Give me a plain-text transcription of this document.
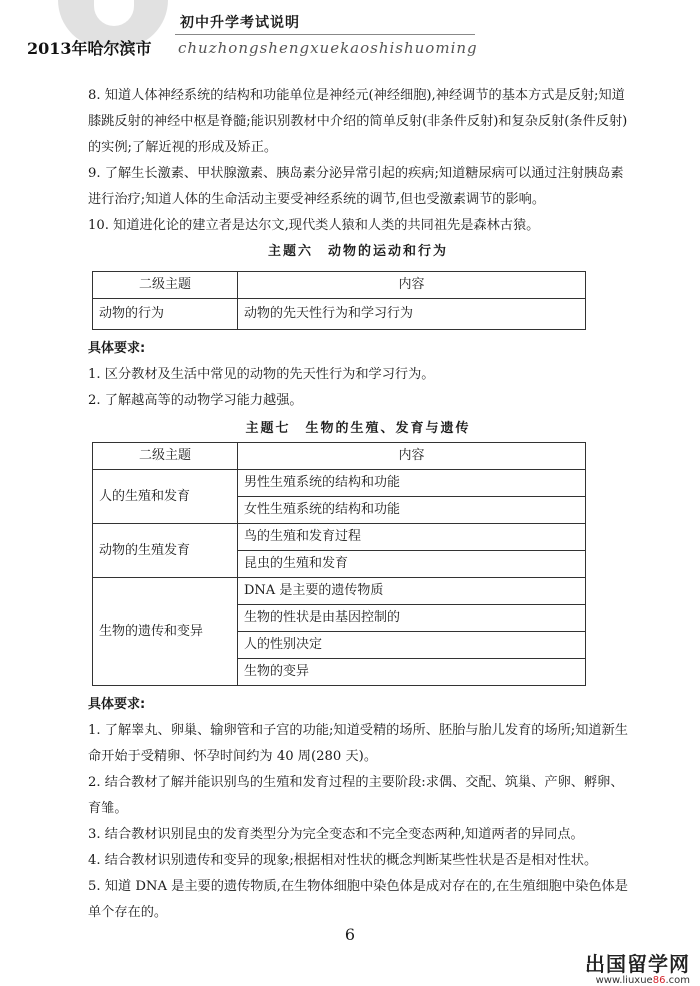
2013年哈尔滨市
初中升学考试说明
chuzhongshengxuekaoshishuoming

8. 知道人体神经系统的结构和功能单位是神经元(神经细胞),神经调节的基本方式是反射;知道膝跳反射的神经中枢是脊髓;能识别教材中介绍的简单反射(非条件反射)和复杂反射(条件反射)的实例;了解近视的形成及矫正。

9. 了解生长激素、甲状腺激素、胰岛素分泌异常引起的疾病;知道糖尿病可以通过注射胰岛素进行治疗;知道人体的生命活动主要受神经系统的调节,但也受激素调节的影响。

10. 知道进化论的建立者是达尔文,现代类人猿和人类的共同祖先是森林古猿。

主题六　动物的运动和行为

二级主题	内容
动物的行为	动物的先天性行为和学习行为

具体要求:

1. 区分教材及生活中常见的动物的先天性行为和学习行为。

2. 了解越高等的动物学习能力越强。

主题七　生物的生殖、发育与遗传

二级主题	内容
人的生殖和发育	男性生殖系统的结构和功能
	女性生殖系统的结构和功能
动物的生殖发育	鸟的生殖和发育过程
	昆虫的生殖和发育
生物的遗传和变异	DNA 是主要的遗传物质
	生物的性状是由基因控制的
	人的性别决定
	生物的变异

具体要求:

1. 了解睾丸、卵巢、输卵管和子宫的功能;知道受精的场所、胚胎与胎儿发育的场所;知道新生命开始于受精卵、怀孕时间约为 40 周(280 天)。

2. 结合教材了解并能识别鸟的生殖和发育过程的主要阶段:求偶、交配、筑巢、产卵、孵卵、育雏。

3. 结合教材识别昆虫的发育类型分为完全变态和不完全变态两种,知道两者的异同点。

4. 结合教材识别遗传和变异的现象;根据相对性状的概念判断某些性状是否是相对性状。

5. 知道 DNA 是主要的遗传物质,在生物体细胞中染色体是成对存在的,在生殖细胞中染色体是单个存在的。

6
出国留学网
www.liuxue86.com
